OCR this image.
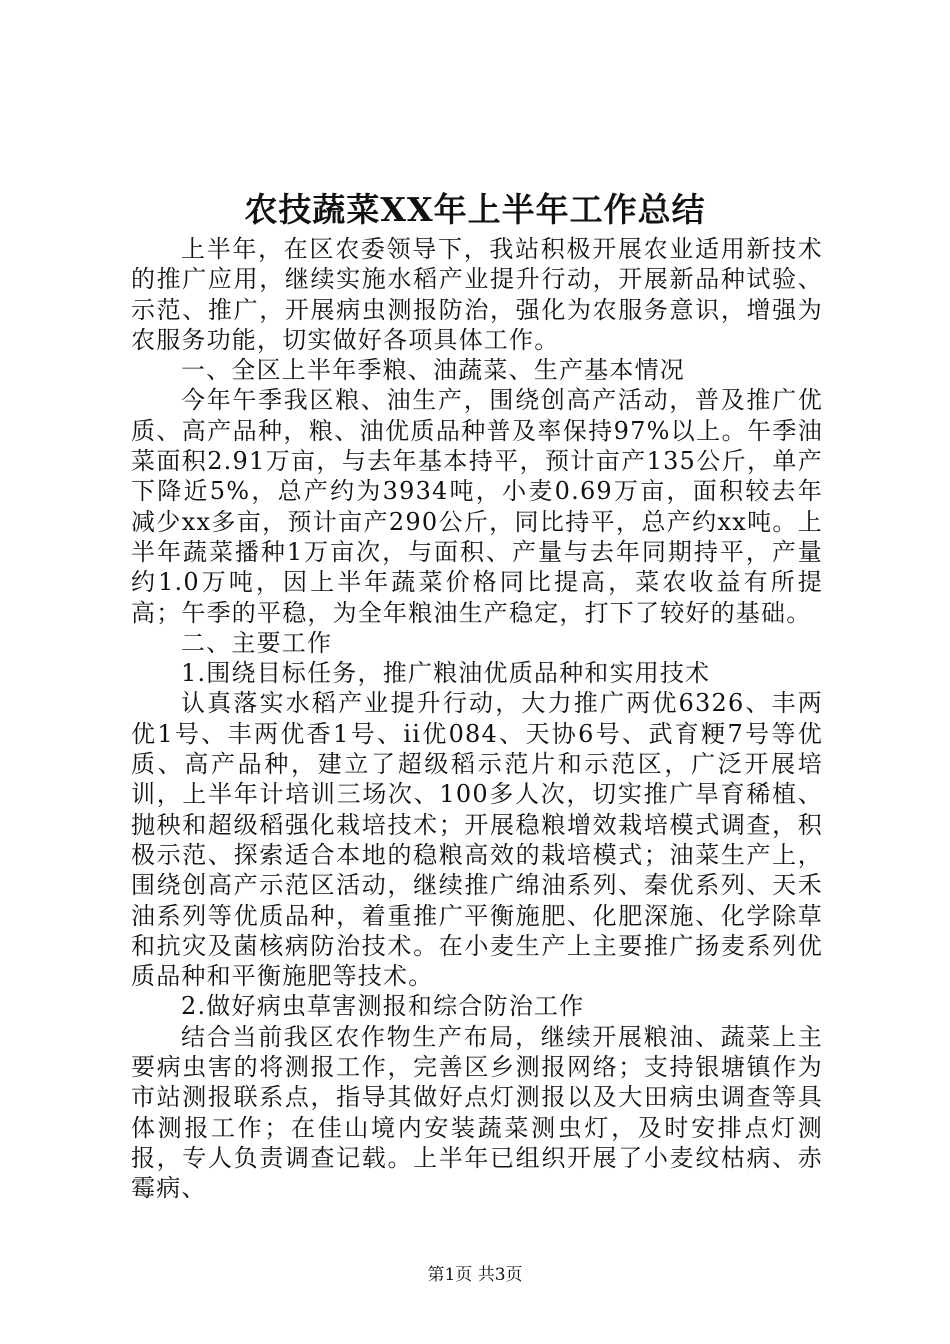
农技蔬菜XX年上半年工作总结

上半年，在区农委领导下，我站积极开展农业适用新技术的推广应用，继续实施水稻产业提升行动，开展新品种试验、示范、推广，开展病虫测报防治，强化为农服务意识，增强为农服务功能，切实做好各项具体工作。

一、全区上半年季粮、油蔬菜、生产基本情况

今年午季我区粮、油生产，围绕创高产活动，普及推广优质、高产品种，粮、油优质品种普及率保持97%以上。午季油菜面积2.91万亩，与去年基本持平，预计亩产135公斤，单产下降近5%，总产约为3934吨，小麦0.69万亩，面积较去年减少xx多亩，预计亩产290公斤，同比持平，总产约xx吨。上半年蔬菜播种1万亩次，与面积、产量与去年同期持平，产量约1.0万吨，因上半年蔬菜价格同比提高，菜农收益有所提高；午季的平稳，为全年粮油生产稳定，打下了较好的基础。

二、主要工作

1.围绕目标任务，推广粮油优质品种和实用技术

认真落实水稻产业提升行动，大力推广两优6326、丰两优1号、丰两优香1号、ii优084、天协6号、武育粳7号等优质、高产品种，建立了超级稻示范片和示范区，广泛开展培训，上半年计培训三场次、100多人次，切实推广旱育稀植、抛秧和超级稻强化栽培技术；开展稳粮增效栽培模式调查，积极示范、探索适合本地的稳粮高效的栽培模式；油菜生产上，围绕创高产示范区活动，继续推广绵油系列、秦优系列、天禾油系列等优质品种，着重推广平衡施肥、化肥深施、化学除草和抗灾及菌核病防治技术。在小麦生产上主要推广扬麦系列优质品种和平衡施肥等技术。

2.做好病虫草害测报和综合防治工作

结合当前我区农作物生产布局，继续开展粮油、蔬菜上主要病虫害的将测报工作，完善区乡测报网络；支持银塘镇作为市站测报联系点，指导其做好点灯测报以及大田病虫调查等具体测报工作；在佳山境内安装蔬菜测虫灯，及时安排点灯测报，专人负责调查记载。上半年已组织开展了小麦纹枯病、赤霉病、

第1页 共3页
